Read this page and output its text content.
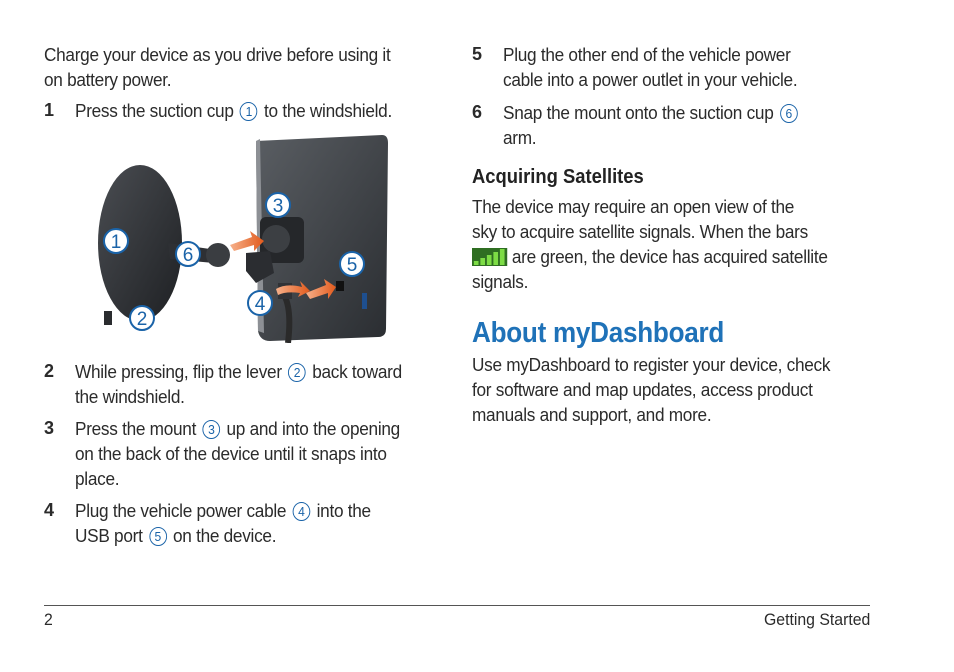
Charge your device as you drive before using it

on battery power.

1 Press the suction cup 1 to the windshield.

1
6
2
3
5
4
2 While pressing, flip the lever 2 back toward

the windshield.

3 Press the mount 3 up and into the opening

on the back of the device until it snaps into

place.

4 Plug the vehicle power cable 4 into the

USB port 5 on the device.

5 Plug the other end of the vehicle power

cable into a power outlet in your vehicle.

6 Snap the mount onto the suction cup 6

arm.

Acquiring Satellites

The device may require an open view of the

sky to acquire satellite signals. When the bars

are green, the device has acquired satellite

signals.

About myDashboard

Use myDashboard to register your device, check

for software and map updates, access product

manuals and support, and more.

2	Getting Started
